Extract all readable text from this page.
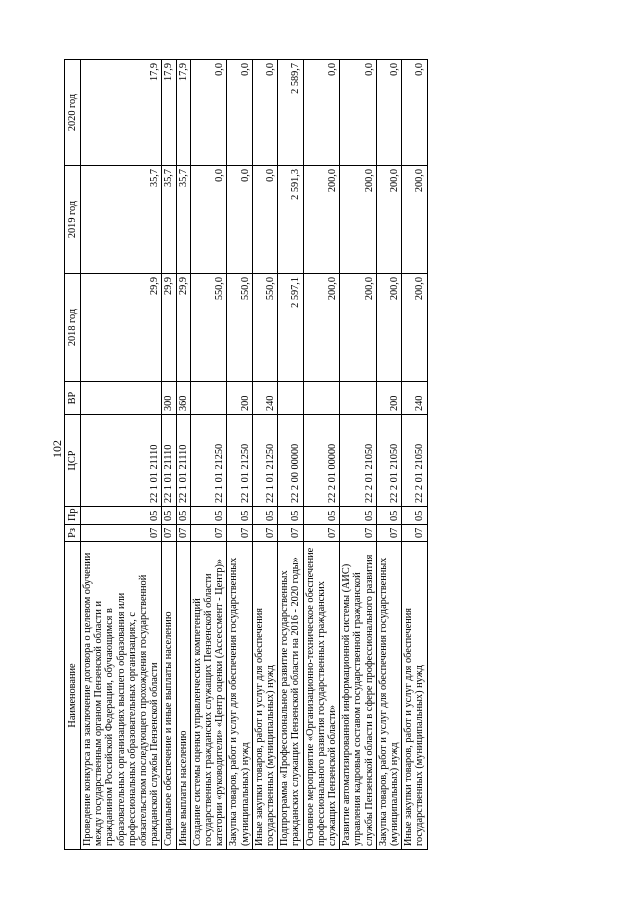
102
Наименование	Рз	Пр	ЦСР	ВР	2018 год	2019 год	2020 год
Проведение конкурса на заключение договора о целевом обучении между государственным органом Пензенской области и гражданином Российской Федерации, обучающимся в образовательных организациях высшего образования или профессиональных образовательных организациях, с обязательством последующего прохождения государственной гражданской службы Пензенской области	07	05	22 1 01 21110		29,9	35,7	17,9
Социальное обеспечение и иные выплаты населению	07	05	22 1 01 21110	300	29,9	35,7	17,9
Иные выплаты населению	07	05	22 1 01 21110	360	29,9	35,7	17,9
Создание системы оценки управленческих компетенций государственных гражданских служащих Пензенской области категории «руководители» «Центр оценки (Ассессмент - Центр)»	07	05	22 1 01 21250		550,0	0,0	0,0
Закупка товаров, работ и услуг для обеспечения государственных (муниципальных) нужд	07	05	22 1 01 21250	200	550,0	0,0	0,0
Иные закупки товаров, работ и услуг для обеспечения государственных (муниципальных) нужд	07	05	22 1 01 21250	240	550,0	0,0	0,0
Подпрограмма «Профессиональное развитие государственных гражданских служащих Пензенской области на 2016 - 2020 годы»	07	05	22 2 00 00000		2 597,1	2 591,3	2 589,7
Основное мероприятие «Организационно-техническое обеспечение профессионального развития государственных гражданских служащих Пензенской области»	07	05	22 2 01 00000		200,0	200,0	0,0
Развитие автоматизированной информационной системы (АИС) управления кадровым составом государственной гражданской службы Пензенской области в сфере профессионального развития	07	05	22 2 01 21050		200,0	200,0	0,0
Закупка товаров, работ и услуг для обеспечения государственных (муниципальных) нужд	07	05	22 2 01 21050	200	200,0	200,0	0,0
Иные закупки товаров, работ и услуг для обеспечения государственных (муниципальных) нужд	07	05	22 2 01 21050	240	200,0	200,0	0,0
